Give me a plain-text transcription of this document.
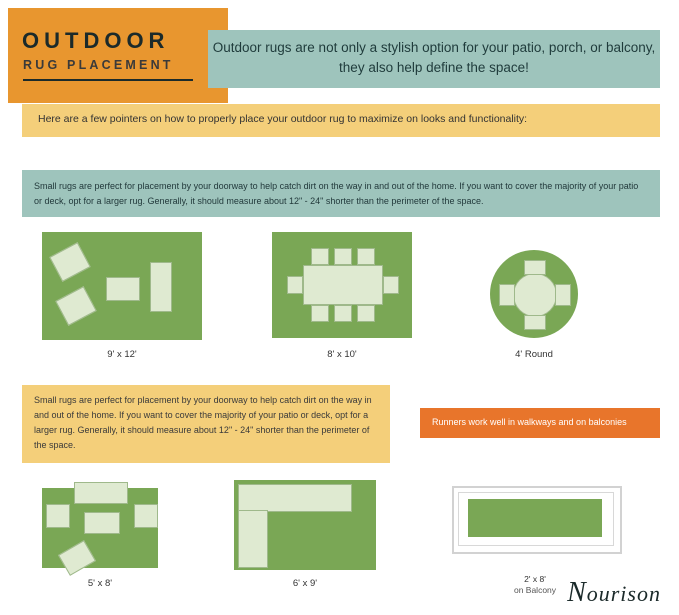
OUTDOOR
RUG PLACEMENT
Outdoor rugs are not only a stylish option for your patio, porch, or balcony, they also help define the space!
Here are a few pointers on how to properly place your outdoor rug to maximize on looks and functionality:
Small rugs are perfect for placement by your doorway to help catch dirt on the way in and out of the home. If you want to cover the majority of your patio or deck, opt for a larger rug. Generally, it should measure about 12" - 24" shorter than the perimeter of the space.
9' x 12'	8' x 10'	4' Round
Small rugs are perfect for placement by your doorway to help catch dirt on the way in and out of the home. If you want to cover the majority of your patio or deck, opt for a larger rug. Generally, it should measure about 12" - 24" shorter than the perimeter of the space.
Runners work well in walkways and on balconies
5' x 8'	6' x 9'	2' x 8'
on Balcony Nourison
